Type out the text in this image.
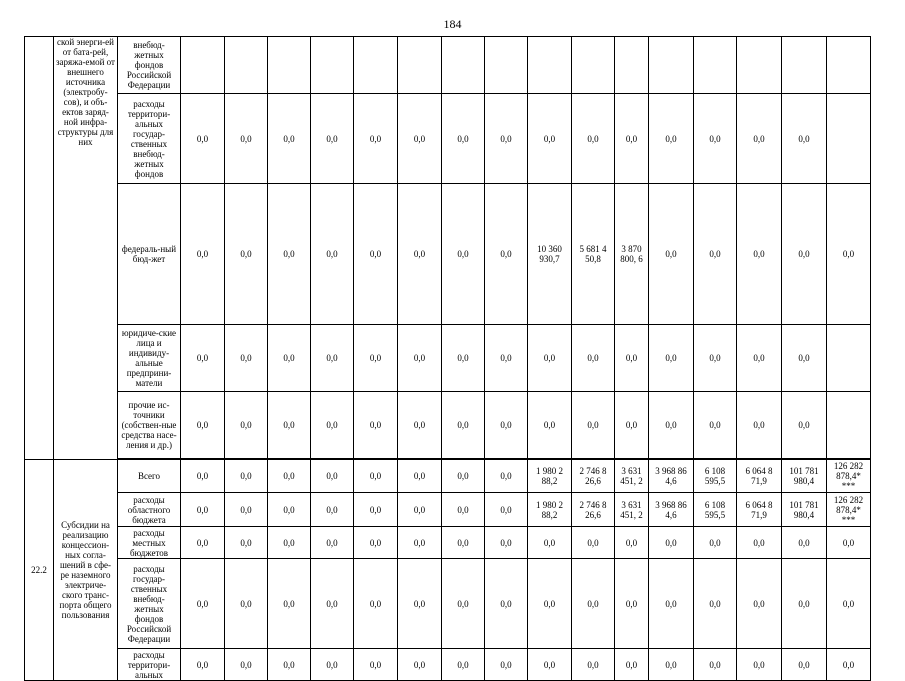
184
	ской энерги-ей от бата-рей, заряжа-емой от внешнего источника (электробу-сов), и объ-ектов заряд-ной инфра-структуры для них	внебюд-жетных фондов Российской Федерации																	
		расходы территори-альных государ-ственных внебюд-жетных фондов	0,0	0,0	0,0	0,0	0,0	0,0	0,0	0,0	0,0	0,0	0,0	0,0	0,0	0,0	0,0		
		федераль-ный бюд-жет	0,0	0,0	0,0	0,0	0,0	0,0	0,0	0,0	10 360 930,7	5 681 4 50,8	3 870 800, 6	0,0	0,0	0,0	0,0	0,0	
		юридиче-ские лица и индивиду-альные предприни-матели	0,0	0,0	0,0	0,0	0,0	0,0	0,0	0,0	0,0	0,0	0,0	0,0	0,0	0,0	0,0		
		прочие ис-точники (собствен-ные средства насе-ления и др.)	0,0	0,0	0,0	0,0	0,0	0,0	0,0	0,0	0,0	0,0	0,0	0,0	0,0	0,0	0,0		

22.2	Субсидии на реализацию концессион-ных согла-шений в сфе-ре наземного электриче-ского транс-порта общего пользования	Всего	0,0	0,0	0,0	0,0	0,0	0,0	0,0	0,0	1 980 2 88,2	2 746 8 26,6	3 631 451, 2	3 968 86 4,6	6 108 595,5	6 064 8 71,9	101 781 980,4	126 282 878,4* ***	
		расходы областного бюджета	0,0	0,0	0,0	0,0	0,0	0,0	0,0	0,0	1 980 2 88,2	2 746 8 26,6	3 631 451, 2	3 968 86 4,6	6 108 595,5	6 064 8 71,9	101 781 980,4	126 282 878,4* ***	
		расходы местных бюджетов	0,0	0,0	0,0	0,0	0,0	0,0	0,0	0,0	0,0	0,0	0,0	0,0	0,0	0,0	0,0	0,0	
		расходы государ-ственных внебюд-жетных фондов Российской Федерации	0,0	0,0	0,0	0,0	0,0	0,0	0,0	0,0	0,0	0,0	0,0	0,0	0,0	0,0	0,0	0,0	
		расходы территори-альных	0,0	0,0	0,0	0,0	0,0	0,0	0,0	0,0	0,0	0,0	0,0	0,0	0,0	0,0	0,0	0,0	
